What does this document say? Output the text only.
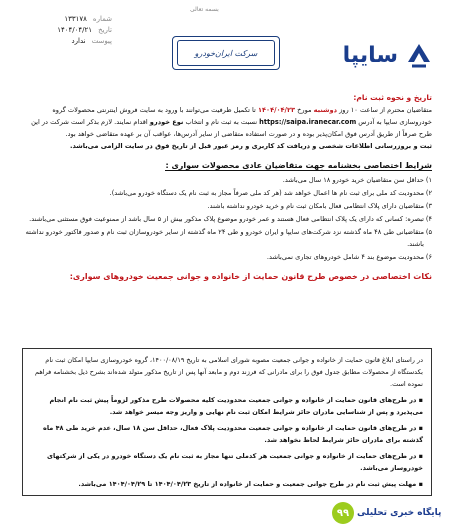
شماره
۱۳۳۱۷۸
تاریخ
۱۴۰۴/۰۴/۲۱
پیوست
ندارد
بسمه تعالی
سرکت ایران‌خودرو	سایپا
تاریخ و نحوه ثبت نام:

متقاضیان محترم از ساعت ۱۰ روز دوشنبه مورخ ۱۴۰۴/۰۴/۲۳ تا تکمیل ظرفیت می‌توانند با ورود به سایت فروش اینترنتی محصولات گروه خودروسازی سایپا به آدرس https://saipa.iranecar.com نسبت به ثبت نام و انتخاب نوع خودرو اقدام نمایند. لازم بذکر است شرکت در این طرح صرفاً از طریق آدرس فوق امکان‌پذیر بوده و در صورت استفاده متقاضی از سایر آدرس‌ها، عواقب آن بر عهده متقاضی خواهد بود.

ثبت و بروزرسانی اطلاعات شخصی و دریافت کد کاربری و رمز عبور قبل از تاریخ فوق در سایت الزامی می‌باشد.

شرایط اختصاصی بخشنامه جهت متقاضیان عادی محصولات سواری :
۱)
حداقل سن متقاضیان خرید خودرو ۱۸ سال می‌باشد.
۲)
محدودیت کد ملی برای ثبت نام ها اعمال خواهد شد (هر کد ملی صرفاً مجاز به ثبت نام یک دستگاه خودرو می‌باشد).
۳)
متقاضیان دارای پلاک انتظامی فعال بامکان ثبت نام و خرید خودرو نداشته باشند.
۴)
تبصره: کسانی که دارای یک پلاک انتظامی فعال هستند و عمر خودرو موضوع پلاک مذکور بیش از ۵ سال باشد از ممنوعیت فوق مستثنی می‌باشند.
۵)
متقاضیانی طی ۴۸ ماه گذشته نزد شرکت‌های سایپا و ایران خودرو و طی ۲۴ ماه گذشته از سایر خودروسازان ثبت نام و صدور فاکتور خودرو نداشته باشند.
۶)
محدودیت موضوع بند ۴ شامل خودروهای تجاری نمی‌باشد.
نکات اختصاصی در خصوص طرح قانون حمایت از خانواده و جوانی جمعیت خودروهای سواری:

در راستای ابلاغ قانون حمایت از خانواده و جوانی جمعیت مصوبه شورای اسلامی به تاریخ ۱۴۰۰/۰۸/۱۹، گروه خودروسازی سایپا امکان ثبت نام بکدستگاه از محصولات مطابق جدول فوق را برای مادرانی که فرزند دوم و مابعد آنها پس از تاریخ مذکور متولد شده‌اند بشرح ذیل بخشنامه فراهم نموده است.

▪ در طرح‌های قانون حمایت از خانواده و جوانی جمعیت محدودیت کلیه محصولات طرح مذکور لزوماً پیش ثبت نام انجام می‌پذیرد و پس از شناسایی مادران حائز شرایط امکان ثبت نام نهایی و واریز وجه میسر خواهد شد.

▪ در طرح‌های قانون حمایت از خانواده و جوانی جمعیت محدودیت پلاک فعال، حداقل سن ۱۸ سال، عدم خرید طی ۴۸ ماه گذشته برای مادران حائز شرایط لحاظ نخواهد شد.

▪ در طرح‌های حمایت از خانواده و جوانی جمعیت هر کدملی تنها مجاز به ثبت نام یک دستگاه خودرو در یکی از شرکتهای خودروساز می‌باشد.

▪ مهلت پیش ثبت نام در طرح جوانی جمعیت و حمایت از خانواده از تاریخ ۱۴۰۴/۰۴/۲۳ تا ۱۴۰۴/۰۴/۲۹ می‌باشد.

۹۹ پایگاه خبری تحلیلی
